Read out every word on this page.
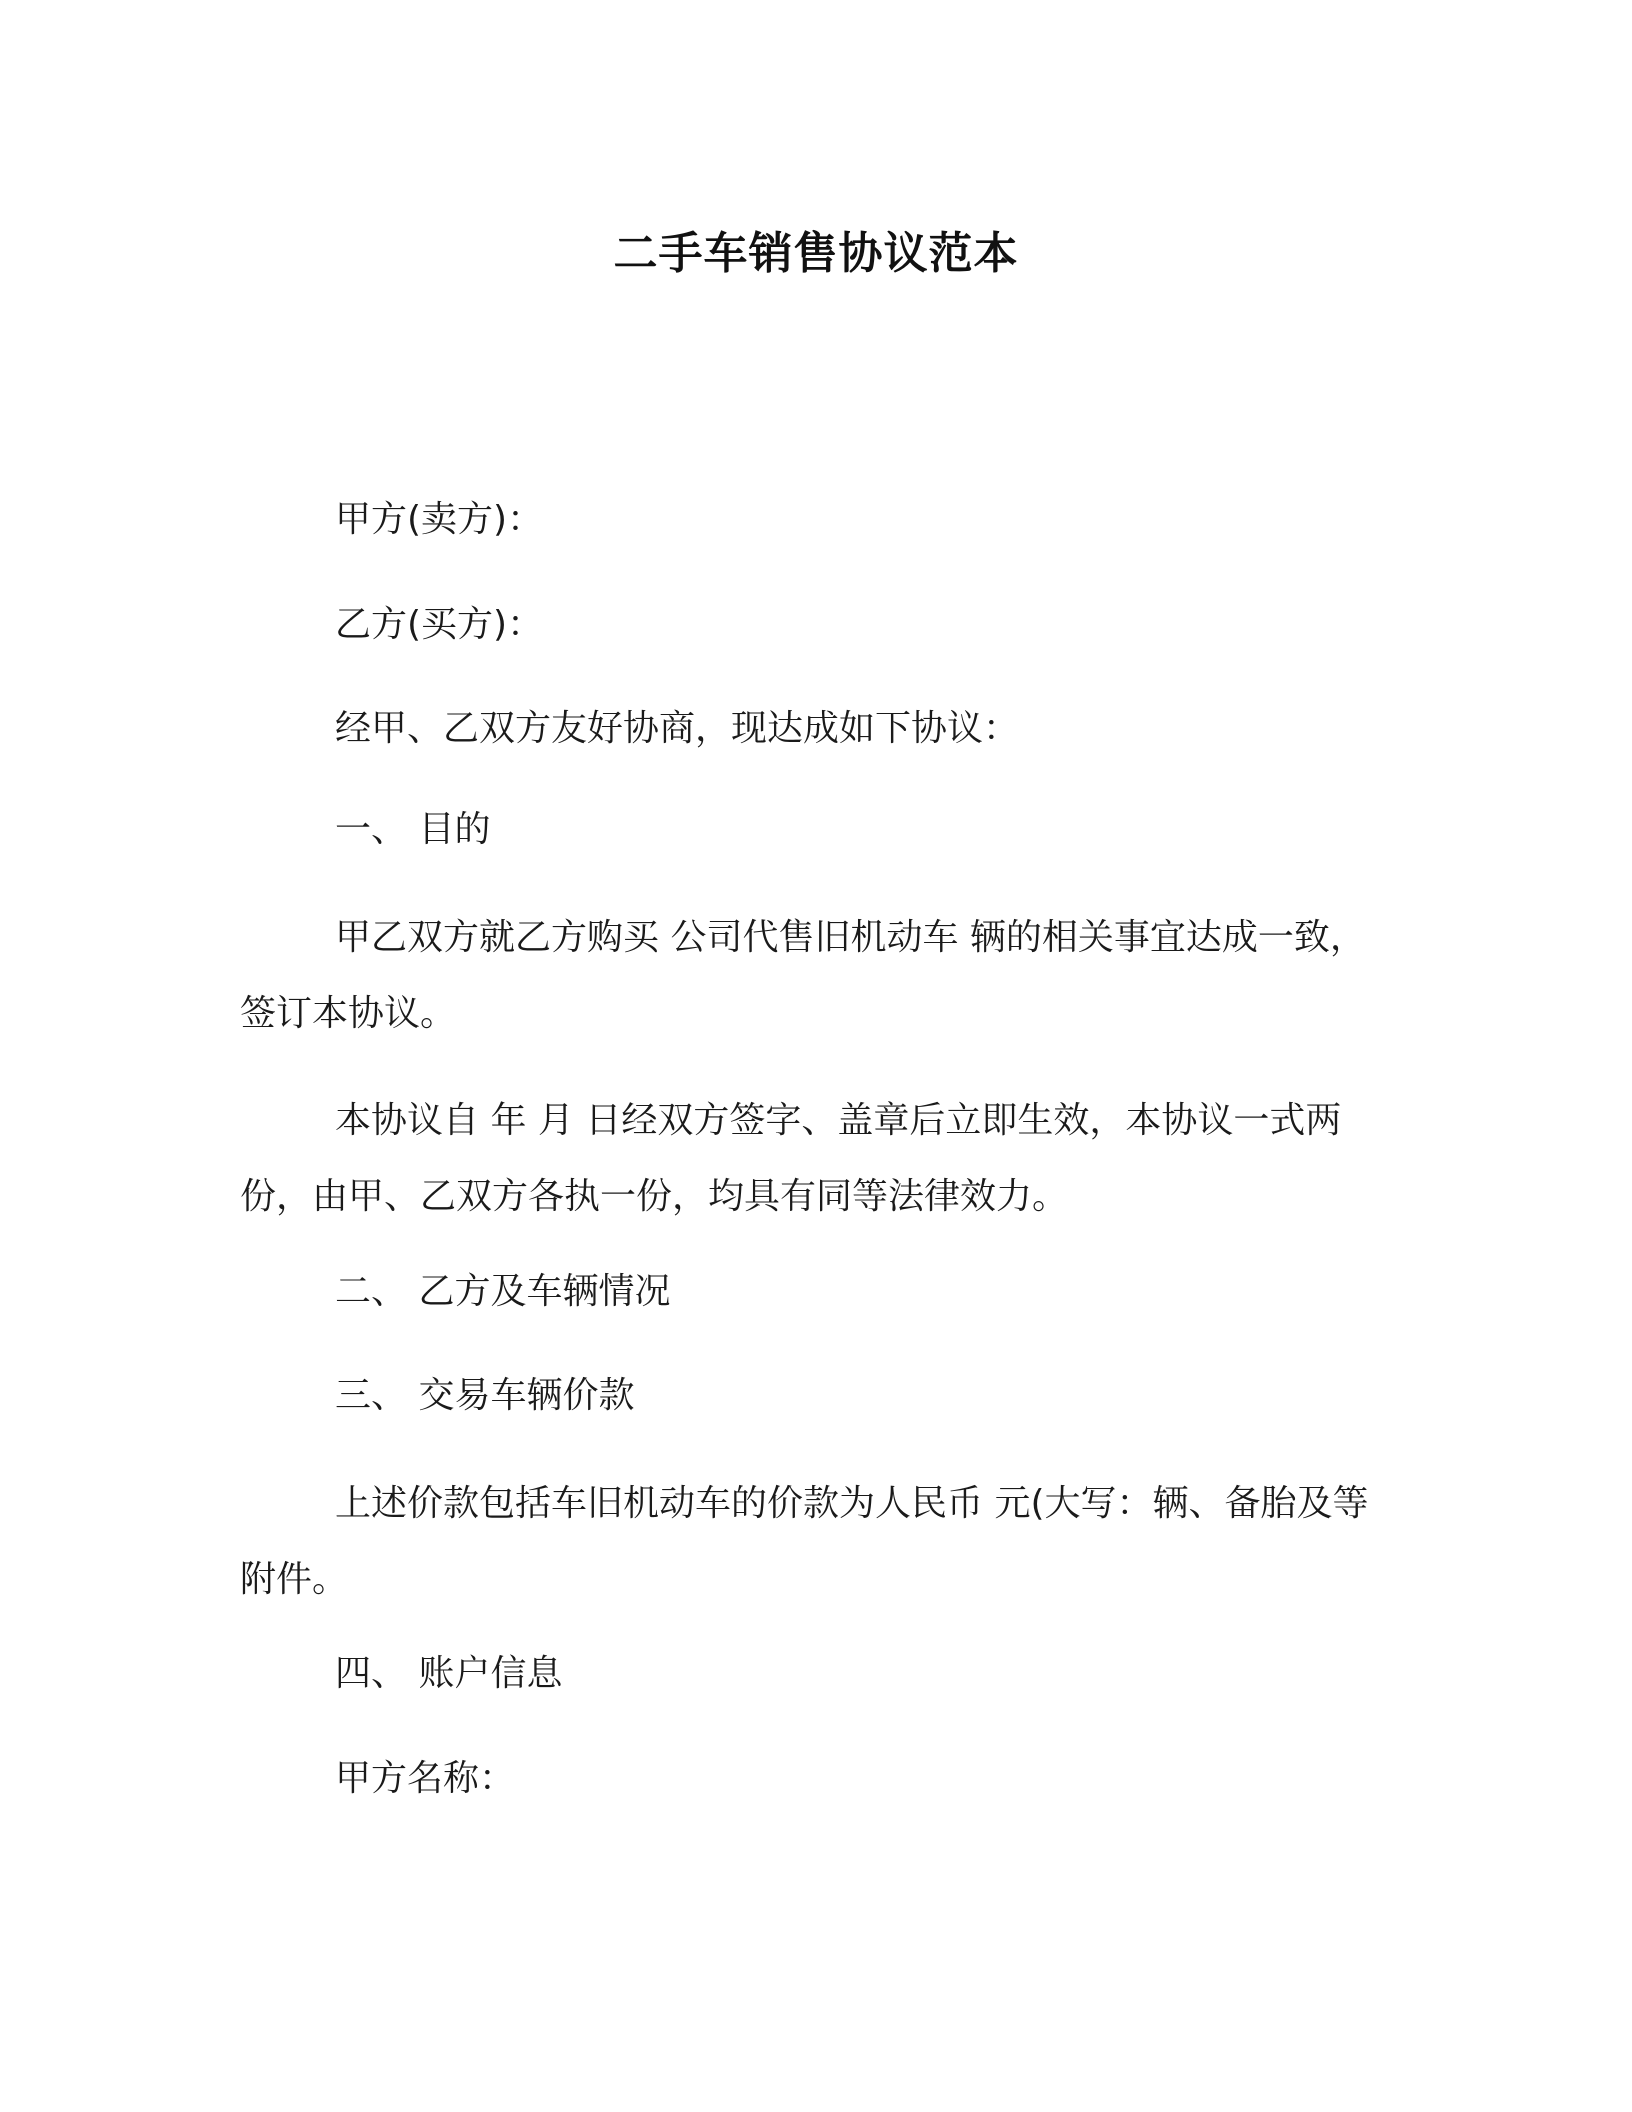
二手车销售协议范本
甲方(卖方)：
乙方(买方)：
经甲、乙双方友好协商，现达成如下协议：
一、 目的
甲乙双方就乙方购买 公司代售旧机动车 辆的相关事宜达成一致，签订本协议。
本协议自 年 月 日经双方签字、盖章后立即生效，本协议一式两份，由甲、乙双方各执一份，均具有同等法律效力。
二、 乙方及车辆情况
三、 交易车辆价款
上述价款包括车旧机动车的价款为人民币 元(大写：辆、备胎及等附件。
四、 账户信息
甲方名称：
